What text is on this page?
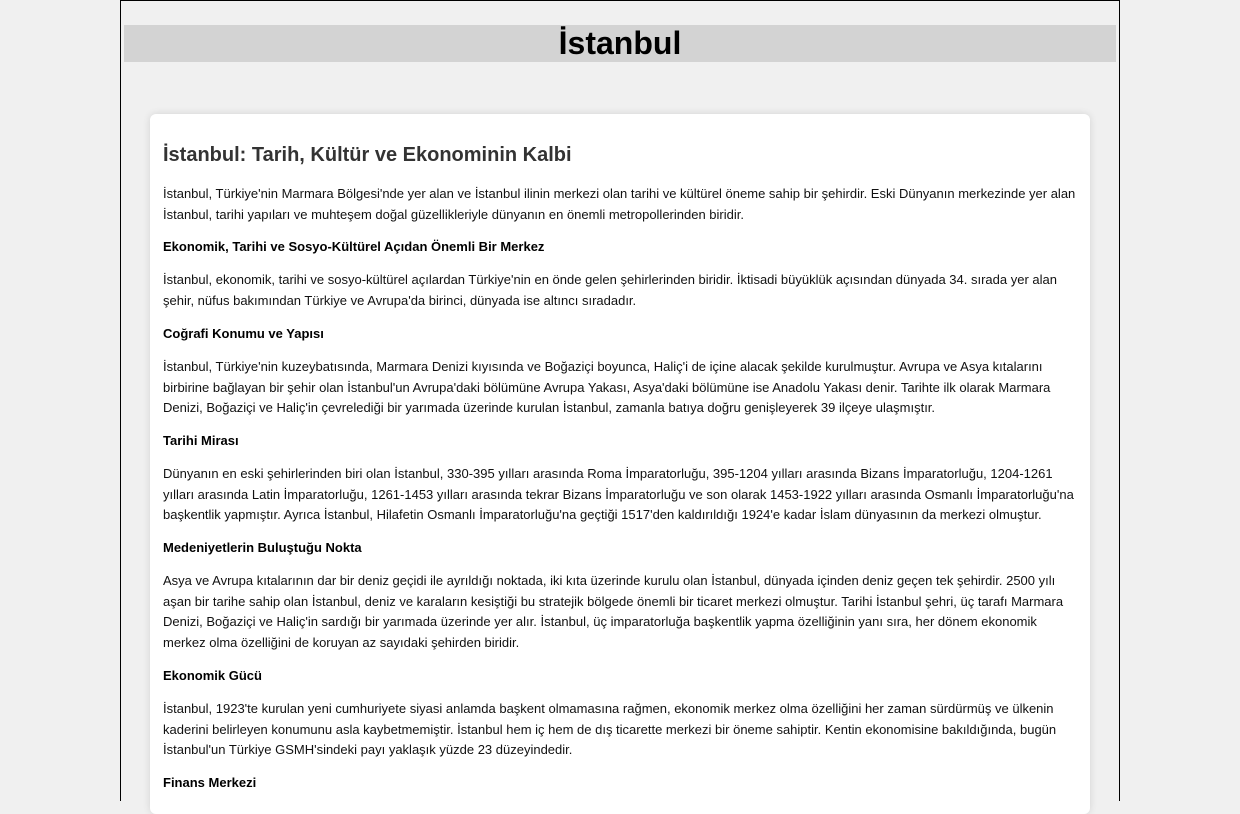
İstanbul
İstanbul: Tarih, Kültür ve Ekonominin Kalbi

İstanbul, Türkiye'nin Marmara Bölgesi'nde yer alan ve İstanbul ilinin merkezi olan tarihi ve kültürel öneme sahip bir şehirdir. Eski Dünyanın merkezinde yer alan İstanbul, tarihi yapıları ve muhteşem doğal güzellikleriyle dünyanın en önemli metropollerinden biridir.

Ekonomik, Tarihi ve Sosyo-Kültürel Açıdan Önemli Bir Merkez

İstanbul, ekonomik, tarihi ve sosyo-kültürel açılardan Türkiye'nin en önde gelen şehirlerinden biridir. İktisadi büyüklük açısından dünyada 34. sırada yer alan şehir, nüfus bakımından Türkiye ve Avrupa'da birinci, dünyada ise altıncı sıradadır.

Coğrafi Konumu ve Yapısı

İstanbul, Türkiye'nin kuzeybatısında, Marmara Denizi kıyısında ve Boğaziçi boyunca, Haliç'i de içine alacak şekilde kurulmuştur. Avrupa ve Asya kıtalarını birbirine bağlayan bir şehir olan İstanbul'un Avrupa'daki bölümüne Avrupa Yakası, Asya'daki bölümüne ise Anadolu Yakası denir. Tarihte ilk olarak Marmara Denizi, Boğaziçi ve Haliç'in çevrelediği bir yarımada üzerinde kurulan İstanbul, zamanla batıya doğru genişleyerek 39 ilçeye ulaşmıştır.

Tarihi Mirası

Dünyanın en eski şehirlerinden biri olan İstanbul, 330-395 yılları arasında Roma İmparatorluğu, 395-1204 yılları arasında Bizans İmparatorluğu, 1204-1261 yılları arasında Latin İmparatorluğu, 1261-1453 yılları arasında tekrar Bizans İmparatorluğu ve son olarak 1453-1922 yılları arasında Osmanlı İmparatorluğu'na başkentlik yapmıştır. Ayrıca İstanbul, Hilafetin Osmanlı İmparatorluğu'na geçtiği 1517'den kaldırıldığı 1924'e kadar İslam dünyasının da merkezi olmuştur.

Medeniyetlerin Buluştuğu Nokta

Asya ve Avrupa kıtalarının dar bir deniz geçidi ile ayrıldığı noktada, iki kıta üzerinde kurulu olan İstanbul, dünyada içinden deniz geçen tek şehirdir. 2500 yılı aşan bir tarihe sahip olan İstanbul, deniz ve karaların kesiştiği bu stratejik bölgede önemli bir ticaret merkezi olmuştur. Tarihi İstanbul şehri, üç tarafı Marmara Denizi, Boğaziçi ve Haliç'in sardığı bir yarımada üzerinde yer alır. İstanbul, üç imparatorluğa başkentlik yapma özelliğinin yanı sıra, her dönem ekonomik merkez olma özelliğini de koruyan az sayıdaki şehirden biridir.

Ekonomik Gücü

İstanbul, 1923'te kurulan yeni cumhuriyete siyasi anlamda başkent olmamasına rağmen, ekonomik merkez olma özelliğini her zaman sürdürmüş ve ülkenin kaderini belirleyen konumunu asla kaybetmemiştir. İstanbul hem iç hem de dış ticarette merkezi bir öneme sahiptir. Kentin ekonomisine bakıldığında, bugün İstanbul'un Türkiye GSMH'sindeki payı yaklaşık yüzde 23 düzeyindedir.

Finans Merkezi
